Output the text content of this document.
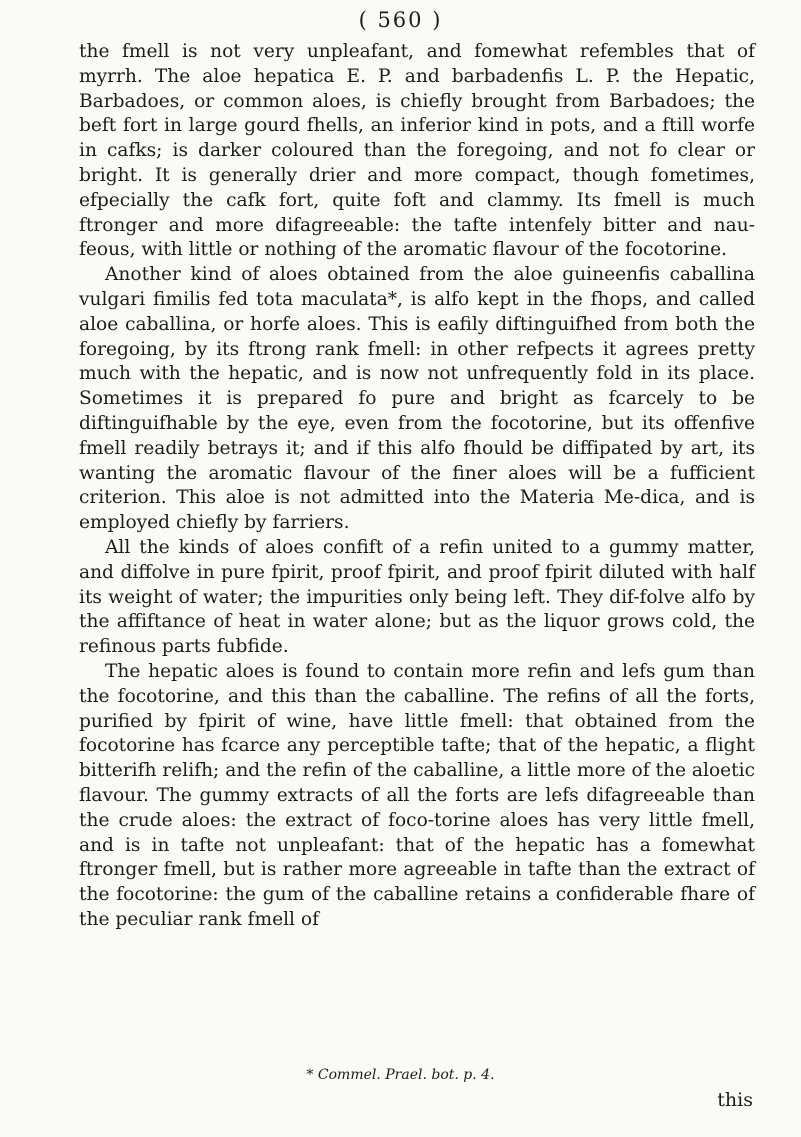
( 560 )

the fmell is not very unpleafant, and fomewhat refembles that of myrrh. The aloe hepatica E. P. and barbadenfis L. P. the Hepatic, Barbadoes, or common aloes, is chiefly brought from Barbadoes; the beft fort in large gourd fhells, an inferior kind in pots, and a ftill worfe in cafks; is darker coloured than the foregoing, and not fo clear or bright. It is generally drier and more compact, though fometimes, efpecially the cafk fort, quite foft and clammy. Its fmell is much ftronger and more difagreeable: the tafte intenfely bitter and nau-feous, with little or nothing of the aromatic flavour of the focotorine.

Another kind of aloes obtained from the aloe guineenfis caballina vulgari fimilis fed tota maculata*, is alfo kept in the fhops, and called aloe caballina, or horfe aloes. This is eafily diftinguifhed from both the foregoing, by its ftrong rank fmell: in other refpects it agrees pretty much with the hepatic, and is now not unfrequently fold in its place. Sometimes it is prepared fo pure and bright as fcarcely to be diftinguifhable by the eye, even from the focotorine, but its offenfive fmell readily betrays it; and if this alfo fhould be diffipated by art, its wanting the aromatic flavour of the finer aloes will be a fufficient criterion. This aloe is not admitted into the Materia Me-dica, and is employed chiefly by farriers.

All the kinds of aloes confift of a refin united to a gummy matter, and diffolve in pure fpirit, proof fpirit, and proof fpirit diluted with half its weight of water; the impurities only being left. They dif-folve alfo by the affiftance of heat in water alone; but as the liquor grows cold, the refinous parts fubfide.

The hepatic aloes is found to contain more refin and lefs gum than the focotorine, and this than the caballine. The refins of all the forts, purified by fpirit of wine, have little fmell: that obtained from the focotorine has fcarce any perceptible tafte; that of the hepatic, a flight bitterifh relifh; and the refin of the caballine, a little more of the aloetic flavour. The gummy extracts of all the forts are lefs difagreeable than the crude aloes: the extract of foco-torine aloes has very little fmell, and is in tafte not unpleafant: that of the hepatic has a fomewhat ftronger fmell, but is rather more agreeable in tafte than the extract of the focotorine: the gum of the caballine retains a confiderable fhare of the peculiar rank fmell of

* Commel. Prael. bot. p. 4.
this
